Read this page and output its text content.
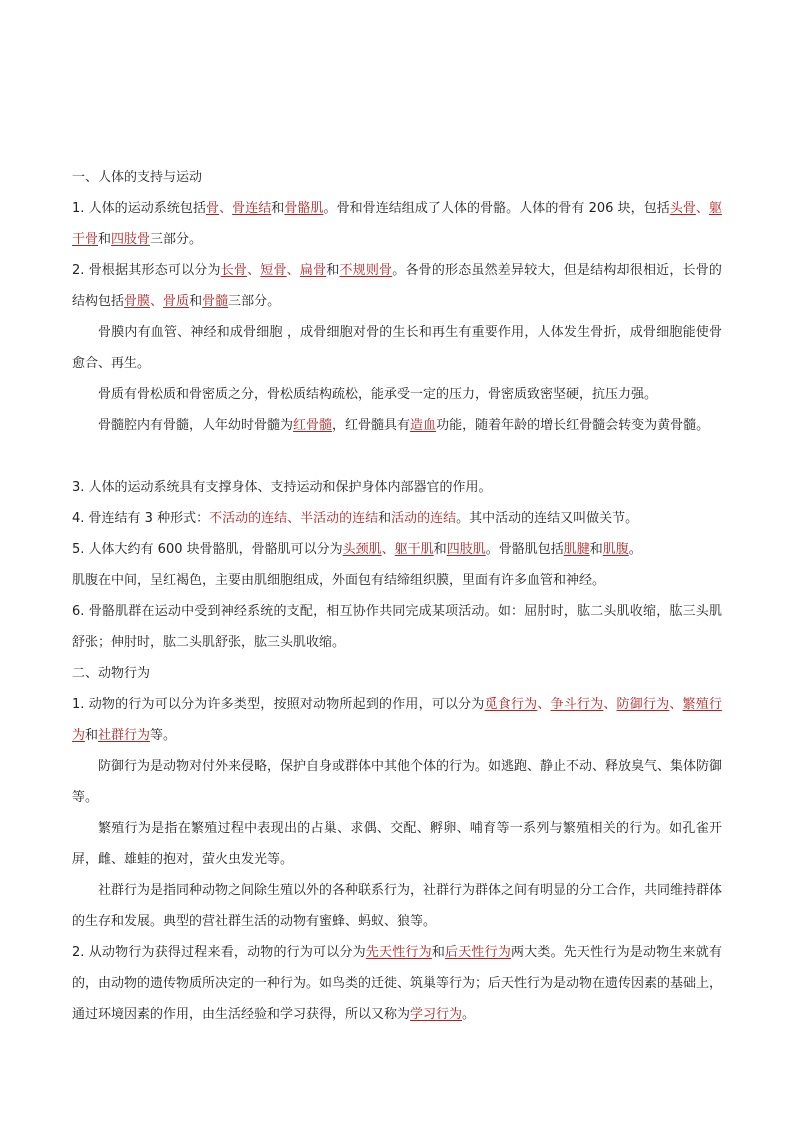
一、人体的支持与运动

1. 人体的运动系统包括骨、骨连结和骨骼肌。骨和骨连结组成了人体的骨骼。人体的骨有 206 块，包括头骨、躯干骨和四肢骨三部分。

2. 骨根据其形态可以分为长骨、短骨、扁骨和不规则骨。各骨的形态虽然差异较大，但是结构却很相近，长骨的结构包括骨膜、骨质和骨髓三部分。

骨膜内有血管、神经和成骨细胞 ，成骨细胞对骨的生长和再生有重要作用，人体发生骨折，成骨细胞能使骨愈合、再生。

骨质有骨松质和骨密质之分，骨松质结构疏松，能承受一定的压力，骨密质致密坚硬，抗压力强。

骨髓腔内有骨髓，人年幼时骨髓为红骨髓，红骨髓具有造血功能，随着年龄的增长红骨髓会转变为黄骨髓。

3. 人体的运动系统具有支撑身体、支持运动和保护身体内部器官的作用。

4. 骨连结有 3 种形式：不活动的连结、半活动的连结和活动的连结。其中活动的连结又叫做关节。

5. 人体大约有 600 块骨骼肌，骨骼肌可以分为头颈肌、躯干肌和四肢肌。骨骼肌包括肌腱和肌腹。

肌腹在中间，呈红褐色，主要由肌细胞组成，外面包有结缔组织膜，里面有许多血管和神经。

6. 骨骼肌群在运动中受到神经系统的支配，相互协作共同完成某项活动。如：屈肘时，肱二头肌收缩，肱三头肌舒张；伸肘时，肱二头肌舒张，肱三头肌收缩。

二、动物行为

1. 动物的行为可以分为许多类型，按照对动物所起到的作用，可以分为觅食行为、争斗行为、防御行为、繁殖行为和社群行为等。

防御行为是动物对付外来侵略，保护自身或群体中其他个体的行为。如逃跑、静止不动、释放臭气、集体防御等。

繁殖行为是指在繁殖过程中表现出的占巢、求偶、交配、孵卵、哺育等一系列与繁殖相关的行为。如孔雀开屏，雌、雄蛙的抱对，萤火虫发光等。

社群行为是指同种动物之间除生殖以外的各种联系行为，社群行为群体之间有明显的分工合作，共同维持群体的生存和发展。典型的营社群生活的动物有蜜蜂、蚂蚁、狼等。

2. 从动物行为获得过程来看，动物的行为可以分为先天性行为和后天性行为两大类。先天性行为是动物生来就有的，由动物的遗传物质所决定的一种行为。如鸟类的迁徙、筑巢等行为；后天性行为是动物在遗传因素的基础上，通过环境因素的作用，由生活经验和学习获得，所以又称为学习行为。
